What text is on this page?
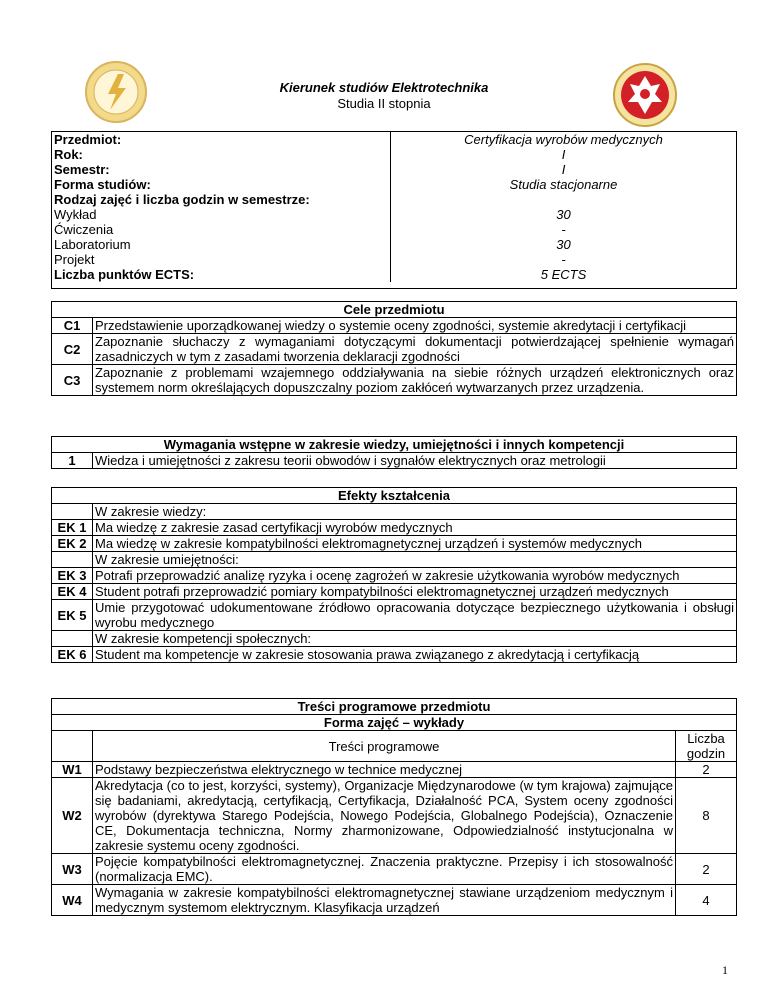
Kierunek studiów Elektrotechnika
Studia II stopnia
Przedmiot:	Certyfikacja wyrobów medycznych
Rok:	I
Semestr:	I
Forma studiów:	Studia stacjonarne
Rodzaj zajęć i liczba godzin w semestrze:	
Wykład	30
Ćwiczenia	-
Laboratorium	30
Projekt	-
Liczba punktów ECTS:	5 ECTS
Cele przedmiotu	
C1	Przedstawienie uporządkowanej wiedzy o systemie oceny zgodności, systemie akredytacji i certyfikacji
C2	Zapoznanie słuchaczy z wymaganiami dotyczącymi dokumentacji potwierdzającej spełnienie wymagań zasadniczych w tym z zasadami tworzenia deklaracji zgodności
C3	Zapoznanie z problemami wzajemnego oddziaływania na siebie różnych urządzeń elektronicznych oraz systemem norm określających dopuszczalny poziom zakłóceń wytwarzanych przez urządzenia.
Wymagania wstępne w zakresie wiedzy, umiejętności i innych kompetencji
1	Wiedza i umiejętności z zakresu teorii obwodów i sygnałów elektrycznych oraz metrologii
Efekty kształcenia	
	W zakresie wiedzy:
EK 1	Ma wiedzę z zakresie zasad certyfikacji wyrobów medycznych
EK 2	Ma wiedzę w zakresie kompatybilności elektromagnetycznej urządzeń i systemów medycznych
	W zakresie umiejętności:
EK 3	Potrafi przeprowadzić analizę ryzyka i ocenę zagrożeń w zakresie użytkowania wyrobów medycznych
EK 4	Student potrafi przeprowadzić pomiary kompatybilności elektromagnetycznej urządzeń medycznych
EK 5	Umie przygotować udokumentowane źródłowo opracowania dotyczące bezpiecznego użytkowania i obsługi wyrobu medycznego
	W zakresie kompetencji społecznych:
EK 6	Student ma kompetencje w zakresie stosowania prawa związanego z akredytacją i certyfikacją
Treści programowe przedmiotu		
Forma zajęć – wykłady		
	Treści programowe	Liczba godzin
W1	Podstawy bezpieczeństwa elektrycznego w technice medycznej	2
W2	Akredytacja (co to jest, korzyści, systemy), Organizacje Międzynarodowe (w tym krajowa) zajmujące się badaniami, akredytacją, certyfikacją, Certyfikacja, Działalność PCA, System oceny zgodności wyrobów (dyrektywa Starego Podejścia, Nowego Podejścia, Globalnego Podejścia), Oznaczenie CE, Dokumentacja techniczna, Normy zharmonizowane, Odpowiedzialność instytucjonalna w zakresie systemu oceny zgodności.	8
W3	Pojęcie kompatybilności elektromagnetycznej. Znaczenia praktyczne. Przepisy i ich stosowalność (normalizacja EMC).	2
W4	Wymagania w zakresie kompatybilności elektromagnetycznej stawiane urządzeniom medycznym i medycznym systemom elektrycznym. Klasyfikacja urządzeń	4
1
